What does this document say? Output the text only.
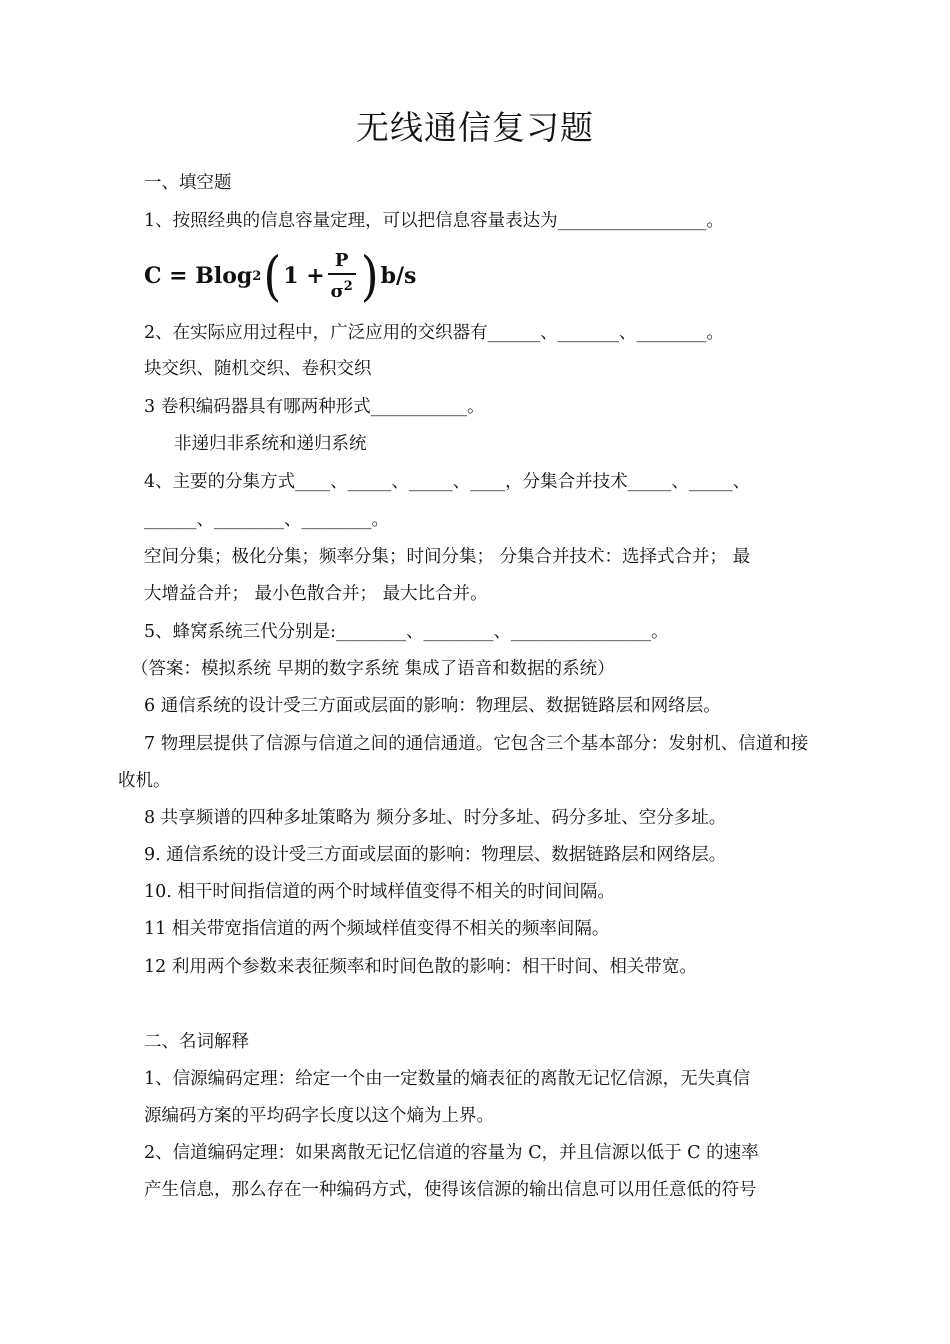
无线通信复习题
一、填空题
1、按照经典的信息容量定理，可以把信息容量表达为_________________。
C = Blog 2 ( $1 + \frac{P}{\sigma^2}$ ) b/s
2、在实际应用过程中，广泛应用的交织器有______、_______、________。
块交织、随机交织、卷积交织
3 卷积编码器具有哪两种形式___________。
非递归非系统和递归系统
4、主要的分集方式____、_____、_____、____，分集合并技术_____、_____、
______、________、________。
空间分集；极化分集；频率分集；时间分集； 分集合并技术：选择式合并； 最
大增益合并； 最小色散合并； 最大比合并。
5、蜂窝系统三代分别是:________、________、________________。
（答案：模拟系统 早期的数字系统 集成了语音和数据的系统）
6 通信系统的设计受三方面或层面的影响：物理层、数据链路层和网络层。
7 物理层提供了信源与信道之间的通信通道。它包含三个基本部分：发射机、信道和接
收机。
8 共享频谱的四种多址策略为 频分多址、时分多址、码分多址、空分多址。
9. 通信系统的设计受三方面或层面的影响：物理层、数据链路层和网络层。
10. 相干时间指信道的两个时域样值变得不相关的时间间隔。
11 相关带宽指信道的两个频域样值变得不相关的频率间隔。
12 利用两个参数来表征频率和时间色散的影响：相干时间、相关带宽。
二、名词解释
1、信源编码定理：给定一个由一定数量的熵表征的离散无记忆信源，无失真信
源编码方案的平均码字长度以这个熵为上界。
2、信道编码定理：如果离散无记忆信道的容量为 C，并且信源以低于 C 的速率
产生信息，那么存在一种编码方式，使得该信源的输出信息可以用任意低的符号
